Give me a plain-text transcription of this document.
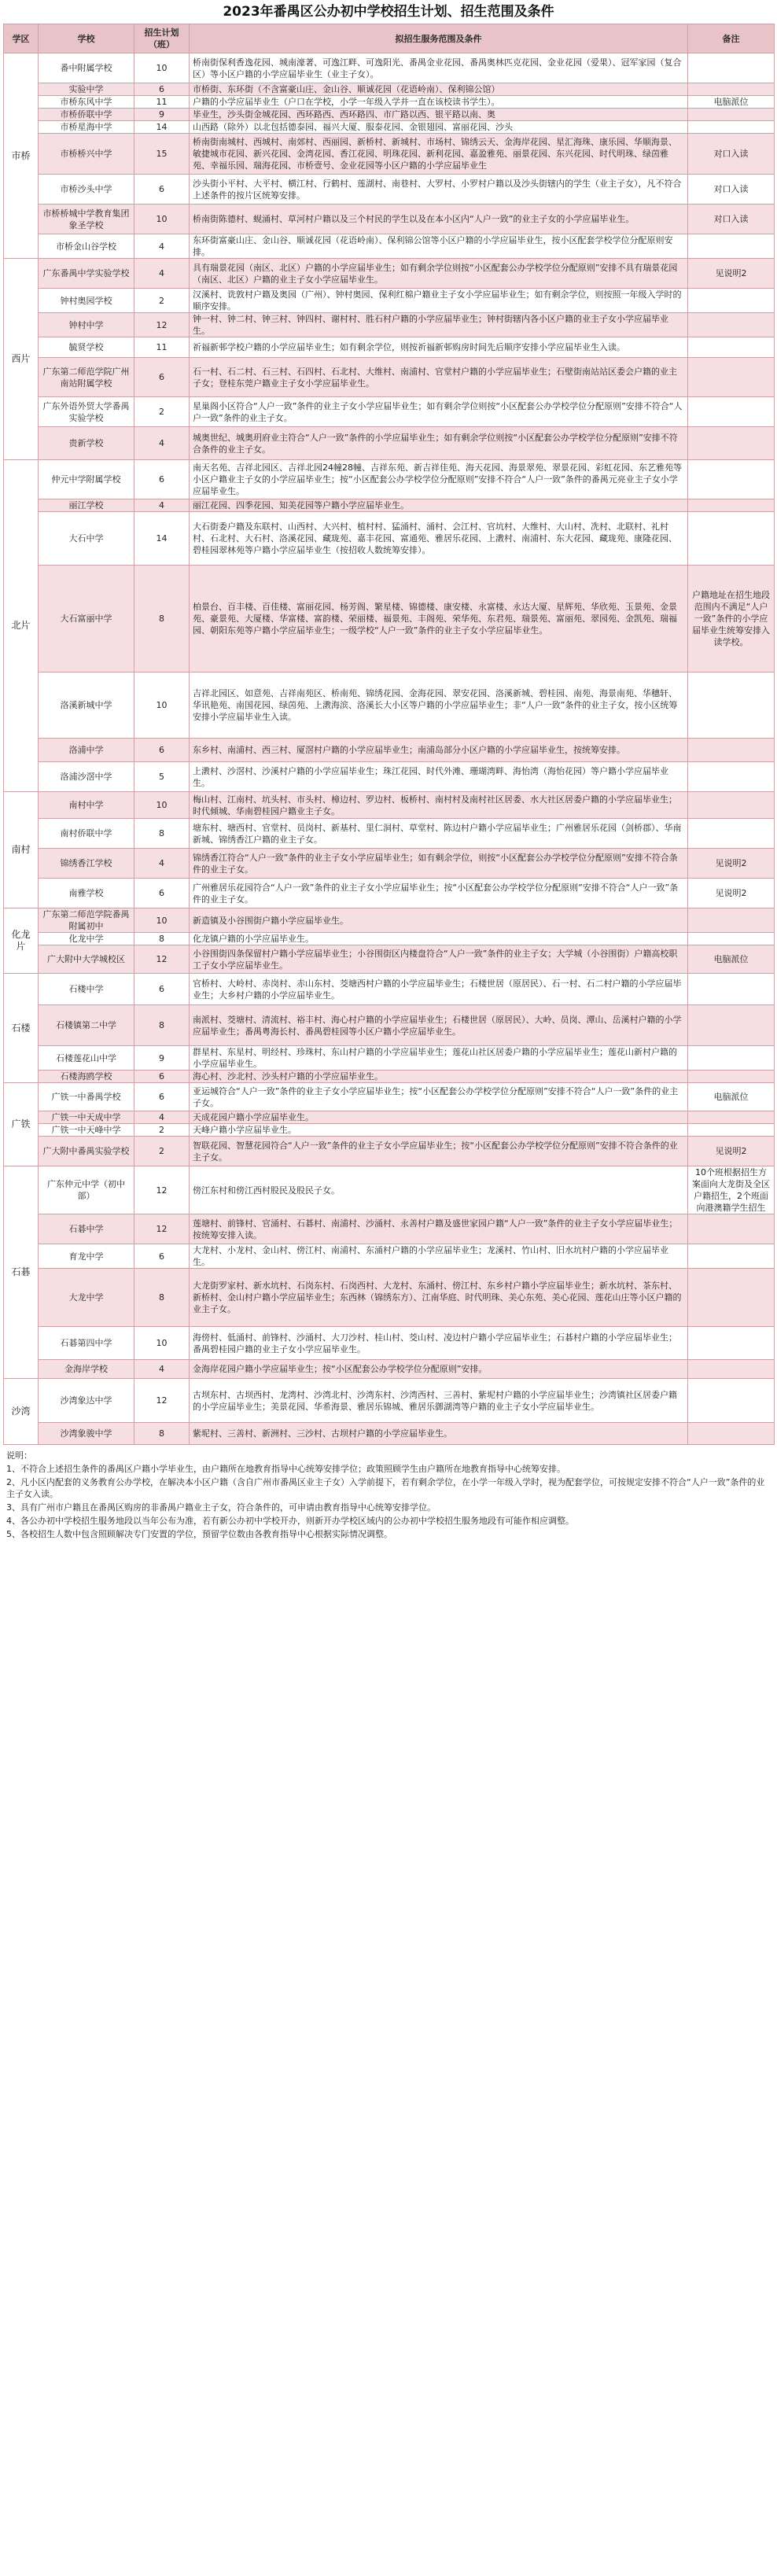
2023年番禺区公办初中学校招生计划、招生范围及条件
学区	学校	招生计划（班）	拟招生服务范围及条件	备注
市桥	番中附属学校	10	桥南街保利香逸花园、城南濠著、可逸江畔、可逸阳光、番禺金业花园、番禺奥林匹克花园、金业花园（爱果）、冠军家园（复合区）等小区户籍的小学应届毕业生（业主子女）。	
	实验中学	6	市桥街、东环街（不含富豪山庄、金山谷、顺诚花园（花语岭南）、保利锦公馆）	
	市桥东风中学	11	户籍的小学应届毕业生（户口在学校，小学一年级入学并一直在该校读书学生）。	电脑派位
	市桥侨联中学	9	毕业生，沙头街金城花园、西环路西、西环路四、市广路以西、银平路以南、奥	
	市桥星海中学	14	山西路（除外）以北包括德泰园、福兴大厦、服泰花园、金银翅园、富丽花园、沙头	
	市桥桥兴中学	15	桥南街南城村、西城村、南郊村、西丽园、新桥村、新城村、市场村、锦绣云天、金海岸花园、星汇海珠、康乐园、华顺海景、敏捷城市花园、新兴花园、金湾花园、香江花园、明珠花园、新利花园、嘉盈雅苑、丽景花园、东兴花园、时代明珠、绿茵雅苑、幸福乐园、瑞海花园、市桥壹号、金业花园等小区户籍的小学应届毕业生	对口入读
	市桥沙头中学	6	沙头街小平村、大平村、横江村、行鹤村、莲湖村、南巷村、大罗村、小罗村户籍以及沙头街辖内的学生（业主子女），凡不符合上述条件的按片区统筹安排。	对口入读
	市桥桥城中学教育集团象圣学校	10	桥南街陈德村、蚬涌村、草河村户籍以及三个村民的学生以及在本小区内“人户一致”的业主子女的小学应届毕业生。	对口入读
	市桥金山谷学校	4	东环街富豪山庄、金山谷、顺诚花园（花语岭南）、保利锦公馆等小区户籍的小学应届毕业生，按小区配套学校学位分配原则安排。	
西片	广东番禺中学实验学校	4	具有瑞景花园（南区、北区）户籍的小学应届毕业生；如有剩余学位则按“小区配套公办学校学位分配原则”安排不具有瑞景花园（南区、北区）户籍的业主子女小学应届毕业生。	见说明2
	钟村奥园学校	2	汉溪村、诜敦村户籍及奥园（广州）、钟村奥园、保利红棉户籍业主子女小学应届毕业生；如有剩余学位，则按照一年级入学时的顺序安排。	
	钟村中学	12	钟一村、钟二村、钟三村、钟四村、谢村村、胜石村户籍的小学应届毕业生；钟村街辖内各小区户籍的业主子女小学应届毕业生。	
	毓贤学校	11	祈福新邨学校户籍的小学应届毕业生；如有剩余学位，则按祈福新邨购房时间先后顺序安排小学应届毕业生入读。	
	广东第二师范学院广州南站附属学校	6	石一村、石二村、石三村、石四村、石北村、大维村、南浦村、官堂村户籍的小学应届毕业生；石壁街南站站区委会户籍的业主子女；登桂东莞户籍业主子女小学应届毕业生。	
	广东外语外贸大学番禺实验学校	2	星巢阁小区符合“人户一致”条件的业主子女小学应届毕业生；如有剩余学位则按“小区配套公办学校学位分配原则”安排不符合“人户一致”条件的业主子女。	
	贵新学校	4	城奥世纪、城奥玥府业主符合“人户一致”条件的小学应届毕业生；如有剩余学位则按“小区配套公办学校学位分配原则”安排不符合条件的业主子女。	
北片	仲元中学附属学校	6	南天名苑、吉祥北园区、吉祥北园24幢28幢、吉祥东苑、新吉祥佳苑、海天花园、海景翠苑、翠景花园、彩虹花园、东艺雅苑等小区户籍业主子女的小学应届毕业生；按“小区配套公办学校学位分配原则”安排不符合“人户一致”条件的番禺元亮业主子女小学应届毕业生。	
	丽江学校	4	丽江花园、四季花园、知美花园等户籍小学应届毕业生。	
	大石中学	14	大石街委户籍及东联村、山西村、大兴村、植村村、猛涌村、涌村、会江村、官坑村、大维村、大山村、冼村、北联村、礼村村、石北村、大石村、洛溪花园、藏珑苑、嘉丰花园、富通苑、雅居乐花园、上漖村、南浦村、东大花园、藏珑苑、康隆花园、碧桂园翠林苑等户籍小学应届毕业生（按招收人数统筹安排）。	
	大石富丽中学	8	柏景台、百丰楼、百佳楼、富丽花园、杨芳阁、繁星楼、锦德楼、康安楼、永富楼、永达大厦、星辉苑、华欣苑、玉景苑、金景苑、豪景苑、大厦楼、华富楼、富韵楼、荣丽楼、福景苑、丰阁苑、荣华苑、东君苑、瑞景苑、富丽苑、翠园苑、金凯苑、瑞福园、朝阳东苑等户籍小学应届毕业生；一级学校“人户一致”条件的业主子女小学应届毕业生。	户籍地址在招生地段范围内不满足“人户一致”条件的小学应届毕业生统筹安排入读学校。
	洛溪新城中学	10	吉祥北园区、如意苑、吉祥南苑区、桥南苑、锦绣花园、金海花园、翠安花园、洛溪新城、碧桂园、南苑、海景南苑、华穗轩、华讯艳苑、南国花园、绿茵苑、上漖海滨、洛溪长大小区等户籍的小学应届毕业生；非“人户一致”条件的业主子女，按小区统筹安排小学应届毕业生入读。	
	洛浦中学	6	东乡村、南浦村、西三村、厦滘村户籍的小学应届毕业生；南浦岛部分小区户籍的小学应届毕业生，按统筹安排。	
	洛浦沙滘中学	5	上漖村、沙滘村、沙溪村户籍的小学应届毕业生；珠江花园、时代外滩、珊瑚湾畔、海怡湾（海怡花园）等户籍小学应届毕业生。	
南村	南村中学	10	梅山村、江南村、坑头村、市头村、樟边村、罗边村、板桥村、南村村及南村社区居委、水大社区居委户籍的小学应届毕业生；时代倾城、华南碧桂园户籍业主子女。	
	南村侨联中学	8	塘东村、塘西村、官堂村、员岗村、新基村、里仁洞村、草堂村、陈边村户籍小学应届毕业生；广州雅居乐花园（剑桥郡）、华南新城、锦绣香江户籍的业主子女。	
	锦绣香江学校	4	锦绣香江符合“人户一致”条件的业主子女小学应届毕业生；如有剩余学位，则按“小区配套公办学校学位分配原则”安排不符合条件的业主子女。	见说明2
	南雅学校	6	广州雅居乐花园符合“人户一致”条件的业主子女小学应届毕业生；按“小区配套公办学校学位分配原则”安排不符合“人户一致”条件的业主子女。	见说明2
化龙片	广东第二师范学院番禺附属初中	10	新造镇及小谷围街户籍小学应届毕业生。	
	化龙中学	8	化龙镇户籍的小学应届毕业生。	
	广大附中大学城校区	12	小谷围街四条保留村户籍小学应届毕业生；小谷围街区内楼盘符合“人户一致”条件的业主子女；大学城（小谷围街）户籍高校职工子女小学应届毕业生。	电脑派位
石楼	石楼中学	6	官桥村、大岭村、赤岗村、赤山东村、茭塘西村户籍的小学应届毕业生；石楼世居（原居民）、石一村、石二村户籍的小学应届毕业生；大乡村户籍的小学应届毕业生。	
	石楼镇第二中学	8	南派村、茭塘村、清流村、裕丰村、海心村户籍的小学应届毕业生；石楼世居（原居民）、大岭、员岗、潭山、岳溪村户籍的小学应届毕业生；番禺粤海长村、番禺碧桂园等小区户籍小学应届毕业生。	
	石楼莲花山中学	9	群星村、东星村、明经村、珍珠村、东山村户籍的小学应届毕业生；莲花山社区居委户籍的小学应届毕业生；莲花山新村户籍的小学应届毕业生。	
	石楼海鸥学校	6	海心村、沙北村、沙头村户籍的小学应届毕业生。	
广铁	广铁一中番禺学校	6	亚运城符合“人户一致”条件的业主子女小学应届毕业生；按“小区配套公办学校学位分配原则”安排不符合“人户一致”条件的业主子女。	电脑派位
	广铁一中天成中学	4	天成花园户籍小学应届毕业生。	
	广铁一中天峰中学	2	天峰户籍小学应届毕业生。	
	广大附中番禺实验学校	2	智联花园、智慧花园符合“人户一致”条件的业主子女小学应届毕业生；按“小区配套公办学校学位分配原则”安排不符合条件的业主子女。	见说明2
石碁	广东仲元中学（初中部）	12	傍江东村和傍江西村股民及股民子女。	10个班根据招生方案面向大龙街及全区户籍招生，2个班面向港澳籍学生招生
	石碁中学	12	莲塘村、前锋村、官涌村、石碁村、南浦村、沙涌村、永善村户籍及盛世家园户籍“人户一致”条件的业主子女小学应届毕业生；按统筹安排入读。	
	育龙中学	6	大龙村、小龙村、金山村、傍江村、南浦村、东涌村户籍的小学应届毕业生；龙溪村、竹山村、旧水坑村户籍的小学应届毕业生。	
	大龙中学	8	大龙街罗家村、新水坑村、石岗东村、石岗西村、大龙村、东涌村、傍江村、东乡村户籍小学应届毕业生；新水坑村、茶东村、新桥村、金山村户籍小学应届毕业生；东西林（锦绣东方）、江南华庭、时代明珠、美心东苑、美心花园、莲花山庄等小区户籍的业主子女。	
	石碁第四中学	10	海傍村、低涌村、前锋村、沙涌村、大刀沙村、桂山村、茭山村、凌边村户籍小学应届毕业生；石碁村户籍的小学应届毕业生；番禺碧桂园户籍的业主子女小学应届毕业生。	
	金海岸学校	4	金海岸花园户籍小学应届毕业生；按“小区配套公办学校学位分配原则”安排。	
沙湾	沙湾象达中学	12	古坝东村、古坝西村、龙湾村、沙湾北村、沙湾东村、沙湾西村、三善村、紫坭村户籍的小学应届毕业生；沙湾镇社区居委户籍的小学应届毕业生；美景花园、华希海景、雅居乐锦城、雅居乐御湖湾等户籍的业主子女小学应届毕业生。	
	沙湾象骏中学	8	紫坭村、三善村、新洲村、三沙村、古坝村户籍的小学应届毕业生。	

说明：

1、不符合上述招生条件的番禺区户籍小学毕业生，由户籍所在地教育指导中心统筹安排学位；政策照顾学生由户籍所在地教育指导中心统筹安排。

2、凡小区内配套的义务教育公办学校，在解决本小区户籍（含自广州市番禺区业主子女）入学前提下，若有剩余学位，在小学一年级入学时，视为配套学位，可按规定安排不符合“人户一致”条件的业主子女入读。

3、具有广州市户籍且在番禺区购房的非番禺户籍业主子女，符合条件的，可申请由教育指导中心统筹安排学位。

4、各公办初中学校招生服务地段以当年公布为准，若有新公办初中学校开办，则新开办学校区域内的公办初中学校招生服务地段有可能作相应调整。

5、各校招生人数中包含照顾解决专门安置的学位，预留学位数由各教育指导中心根据实际情况调整。
